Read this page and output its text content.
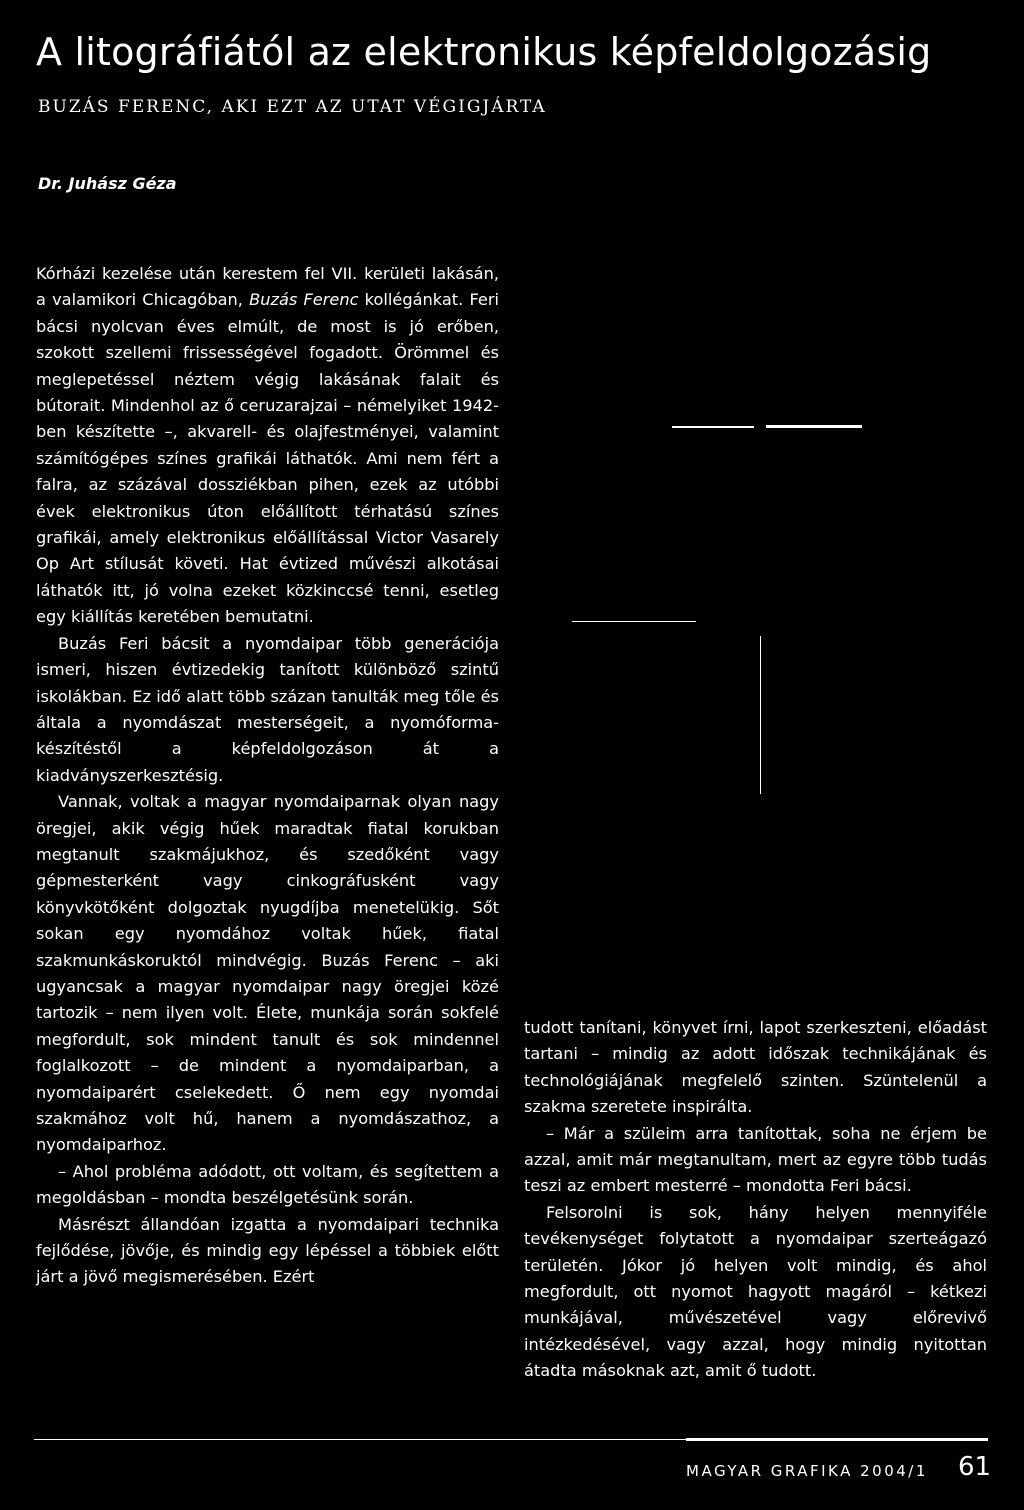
A litográfiától az elektronikus képfeldolgozásig
BUZÁS FERENC, AKI EZT AZ UTAT VÉGIGJÁRTA
Dr. Juhász Géza

Kórházi kezelése után kerestem fel VII. kerületi lakásán, a valamikori Chicagóban, Buzás Ferenc kollégánkat. Feri bácsi nyolcvan éves elmúlt, de most is jó erőben, szokott szellemi frissességével fogadott. Örömmel és meglepetéssel néztem végig lakásának falait és bútorait. Mindenhol az ő ceruzarajzai – némelyiket 1942-ben készítette –, akvarell- és olajfestményei, valamint számítógépes színes grafikái láthatók. Ami nem fért a falra, az százával dossziékban pihen, ezek az utóbbi évek elektronikus úton előállított térhatású színes grafikái, amely elektronikus előállítással Victor Vasarely Op Art stílusát követi. Hat évtized művészi alkotásai láthatók itt, jó volna ezeket közkinccsé tenni, esetleg egy kiállítás keretében bemutatni.

Buzás Feri bácsit a nyomdaipar több generációja ismeri, hiszen évtizedekig tanított különböző szintű iskolákban. Ez idő alatt több százan tanulták meg tőle és általa a nyomdászat mesterségeit, a nyomóforma-készítéstől a képfeldolgozáson át a kiadványszerkesztésig.

Vannak, voltak a magyar nyomdaiparnak olyan nagy öregjei, akik végig hűek maradtak fiatal korukban megtanult szakmájukhoz, és szedőként vagy gépmesterként vagy cinkográfusként vagy könyvkötőként dolgoztak nyugdíjba menetelükig. Sőt sokan egy nyomdához voltak hűek, fiatal szakmunkáskoruktól mindvégig. Buzás Ferenc – aki ugyancsak a magyar nyomdaipar nagy öregjei közé tartozik – nem ilyen volt. Élete, munkája során sokfelé megfordult, sok mindent tanult és sok mindennel foglalkozott – de mindent a nyomdaiparban, a nyomdaiparért cselekedett. Ő nem egy nyomdai szakmához volt hű, hanem a nyomdászathoz, a nyomdaiparhoz.

– Ahol probléma adódott, ott voltam, és segítettem a megoldásban – mondta beszélgetésünk során.

Másrészt állandóan izgatta a nyomdaipari technika fejlődése, jövője, és mindig egy lépéssel a többiek előtt járt a jövő megismerésében. Ezért

tudott tanítani, könyvet írni, lapot szerkeszteni, előadást tartani – mindig az adott időszak technikájának és technológiájának megfelelő szinten. Szüntelenül a szakma szeretete inspirálta.

– Már a szüleim arra tanítottak, soha ne érjem be azzal, amit már megtanultam, mert az egyre több tudás teszi az embert mesterré – mondotta Feri bácsi.

Felsorolni is sok, hány helyen mennyiféle tevékenységet folytatott a nyomdaipar szerteágazó területén. Jókor jó helyen volt mindig, és ahol megfordult, ott nyomot hagyott magáról – kétkezi munkájával, művészetével vagy előrevivő intézkedésével, vagy azzal, hogy mindig nyitottan átadta másoknak azt, amit ő tudott.

MAGYAR GRAFIKA 2004/1 61
